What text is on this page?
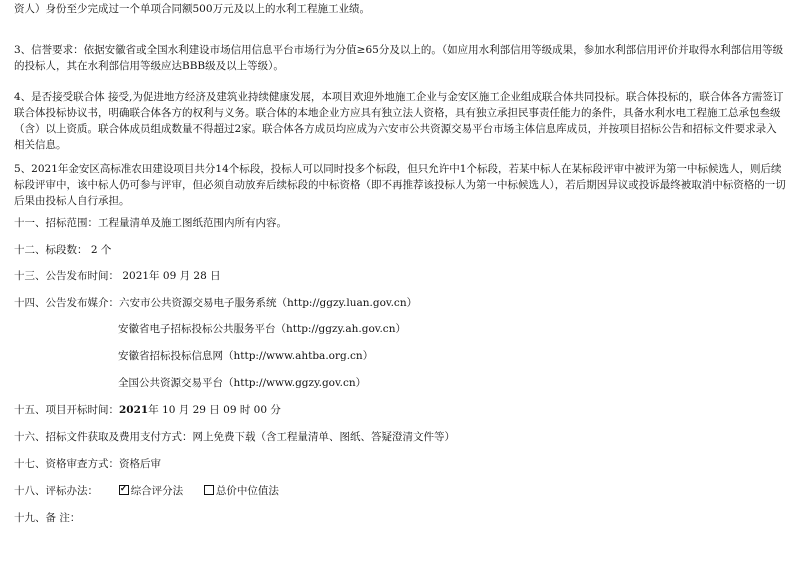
资人）身份至少完成过一个单项合同额500万元及以上的水利工程施工业绩。
3、信誉要求：依据安徽省或全国水利建设市场信用信息平台市场行为分值≥65分及以上的。（如应用水利部信用等级成果，参加水利部信用评价并取得水利部信用等级的投标人，其在水利部信用等级应达BBB级及以上等级）。
4、是否接受联合体 接受,为促进地方经济及建筑业持续健康发展，本项目欢迎外地施工企业与金安区施工企业组成联合体共同投标。联合体投标的，联合体各方需签订联合体投标协议书，明确联合体各方的权利与义务。联合体的本地企业方应具有独立法人资格，具有独立承担民事责任能力的条件，具备水利水电工程施工总承包叁级（含）以上资质。联合体成员组成数量不得超过2家。联合体各方成员均应成为六安市公共资源交易平台市场主体信息库成员，并按项目招标公告和招标文件要求录入相关信息。
5、2021年金安区高标准农田建设项目共分14个标段，投标人可以同时投多个标段，但只允许中1个标段，若某中标人在某标段评审中被评为第一中标候选人，则后续标段评审中，该中标人仍可参与评审，但必须自动放弃后续标段的中标资格（即不再推荐该投标人为第一中标候选人），若后期因异议或投诉最终被取消中标资格的一切后果由投标人自行承担。
十一、招标范围：工程量清单及施工图纸范围内所有内容。
十二、标段数： 2 个
十三、公告发布时间： 2021年 09 月 28 日
十四、公告发布媒介：六安市公共资源交易电子服务系统（http://ggzy.luan.gov.cn）
安徽省电子招标投标公共服务平台（http://ggzy.ah.gov.cn）
安徽省招标投标信息网（http://www.ahtba.org.cn）
全国公共资源交易平台（http://www.ggzy.gov.cn）
十五、项目开标时间：2021年 10 月 29 日 09 时 00 分
十六、招标文件获取及费用支付方式：网上免费下载（含工程量清单、图纸、答疑澄清文件等）
十七、资格审查方式：资格后审
十八、评标办法：  ✓	综合评分法	总价中位值法
十九、备 注：
